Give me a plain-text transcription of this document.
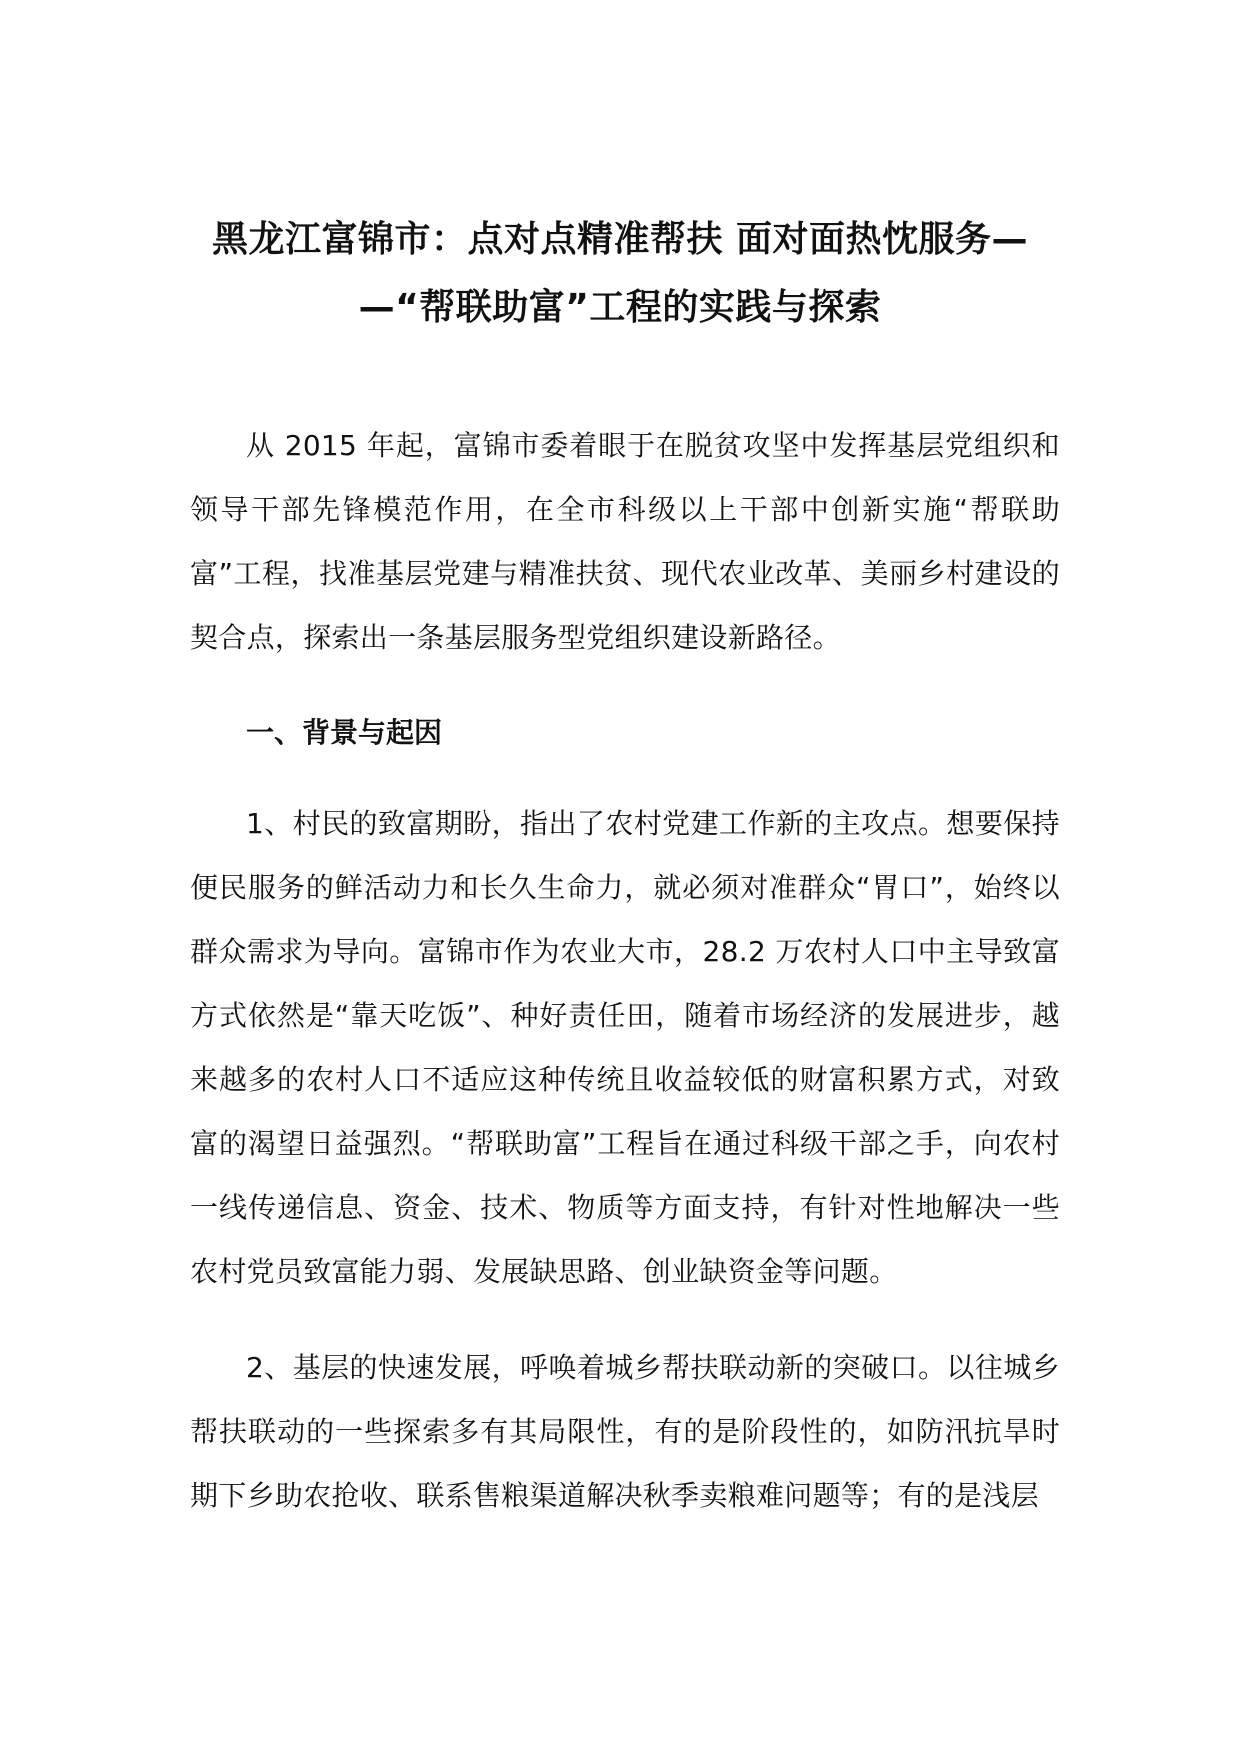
黑龙江富锦市：点对点精准帮扶 面对面热忱服务—
—“帮联助富”工程的实践与探索

从 2015 年起，富锦市委着眼于在脱贫攻坚中发挥基层党组织和领导干部先锋模范作用，在全市科级以上干部中创新实施“帮联助富”工程，找准基层党建与精准扶贫、现代农业改革、美丽乡村建设的契合点，探索出一条基层服务型党组织建设新路径。

一、背景与起因

1、村民的致富期盼，指出了农村党建工作新的主攻点。想要保持便民服务的鲜活动力和长久生命力，就必须对准群众“胃口”，始终以群众需求为导向。富锦市作为农业大市，28.2 万农村人口中主导致富方式依然是“靠天吃饭”、种好责任田，随着市场经济的发展进步，越来越多的农村人口不适应这种传统且收益较低的财富积累方式，对致富的渴望日益强烈。“帮联助富”工程旨在通过科级干部之手，向农村一线传递信息、资金、技术、物质等方面支持，有针对性地解决一些农村党员致富能力弱、发展缺思路、创业缺资金等问题。

2、基层的快速发展，呼唤着城乡帮扶联动新的突破口。以往城乡帮扶联动的一些探索多有其局限性，有的是阶段性的，如防汛抗旱时期下乡助农抢收、联系售粮渠道解决秋季卖粮难问题等；有的是浅层
